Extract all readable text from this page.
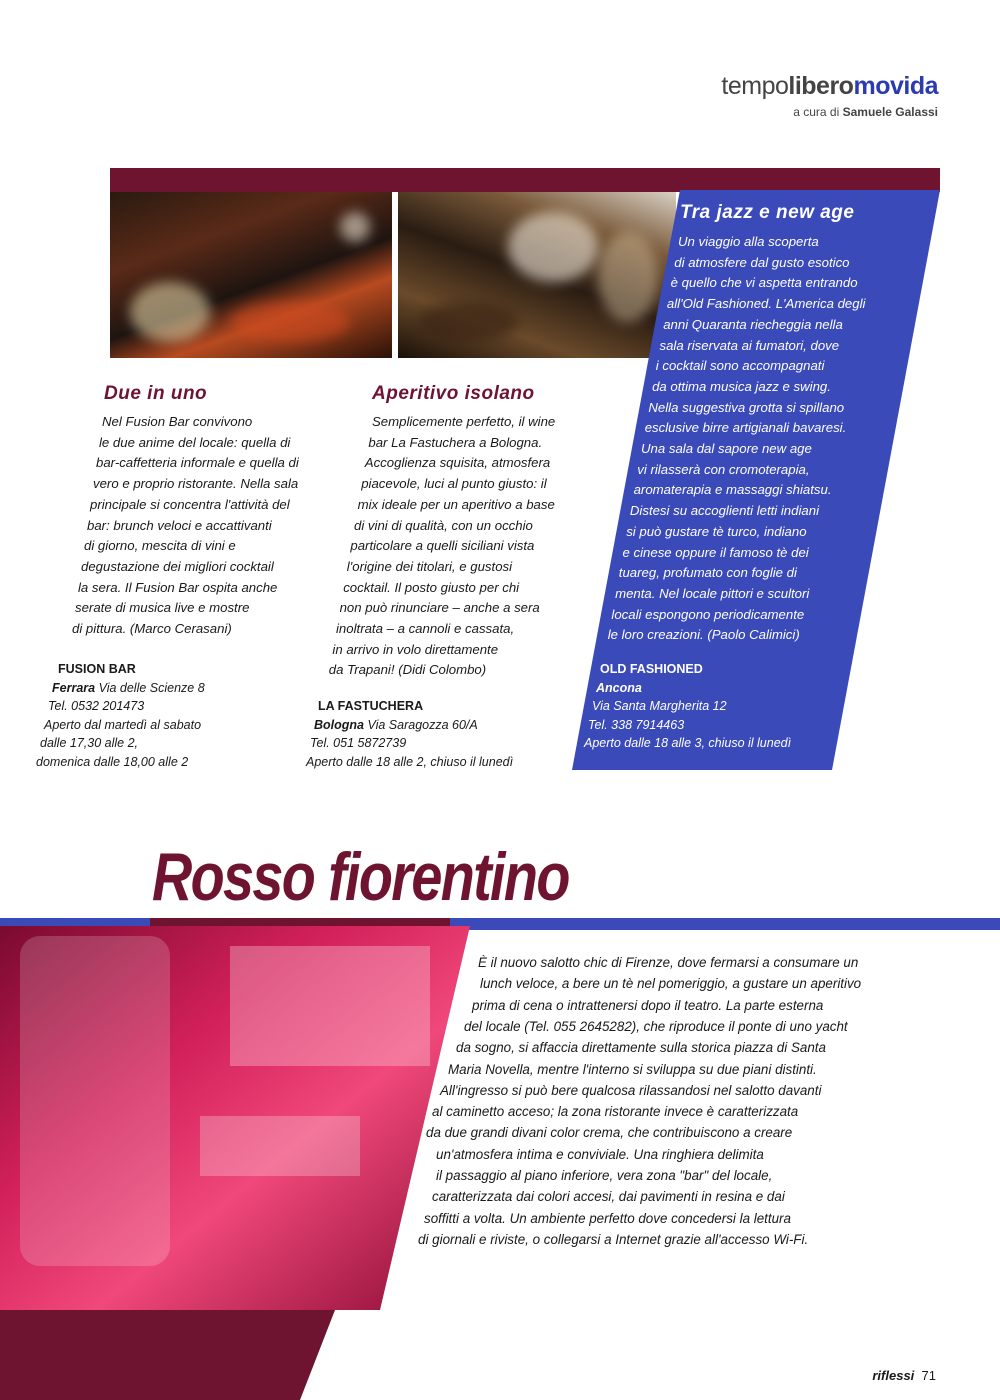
tempoliberomovida
a cura di Samuele Galassi
Tra jazz e new age
Un viaggio alla scoperta
di atmosfere dal gusto esotico
è quello che vi aspetta entrando
all'Old Fashioned. L'America degli
anni Quaranta riecheggia nella
sala riservata ai fumatori, dove
i cocktail sono accompagnati
da ottima musica jazz e swing.
Nella suggestiva grotta si spillano
esclusive birre artigianali bavaresi.
Una sala dal sapore new age
vi rilasserà con cromoterapia,
aromaterapia e massaggi shiatsu.
Distesi su accoglienti letti indiani
si può gustare tè turco, indiano
e cinese oppure il famoso tè dei
tuareg, profumato con foglie di
menta. Nel locale pittori e scultori
locali espongono periodicamente
le loro creazioni. (Paolo Calimici)
Due in uno
Nel Fusion Bar convivono
le due anime del locale: quella di
bar-caffetteria informale e quella di
vero e proprio ristorante. Nella sala
principale si concentra l'attività del
bar: brunch veloci e accattivanti
di giorno, mescita di vini e
degustazione dei migliori cocktail
la sera. Il Fusion Bar ospita anche
serate di musica live e mostre
di pittura. (Marco Cerasani)
Aperitivo isolano
Semplicemente perfetto, il wine
bar La Fastuchera a Bologna.
Accoglienza squisita, atmosfera
piacevole, luci al punto giusto: il
mix ideale per un aperitivo a base
di vini di qualità, con un occhio
particolare a quelli siciliani vista
l'origine dei titolari, e gustosi
cocktail. Il posto giusto per chi
non può rinunciare – anche a sera
inoltrata – a cannoli e cassata,
in arrivo in volo direttamente
da Trapani! (Didi Colombo)
FUSION BAR
Ferrara Via delle Scienze 8
Tel. 0532 201473
Aperto dal martedì al sabato
dalle 17,30 alle 2,
domenica dalle 18,00 alle 2
LA FASTUCHERA
Bologna Via Saragozza 60/A
Tel. 051 5872739
Aperto dalle 18 alle 2, chiuso il lunedì
OLD FASHIONED
Ancona
Via Santa Margherita 12
Tel. 338 7914463
Aperto dalle 18 alle 3, chiuso il lunedì
Rosso fiorentino
È il nuovo salotto chic di Firenze, dove fermarsi a consumare un
lunch veloce, a bere un tè nel pomeriggio, a gustare un aperitivo
prima di cena o intrattenersi dopo il teatro. La parte esterna
del locale (Tel. 055 2645282), che riproduce il ponte di uno yacht
da sogno, si affaccia direttamente sulla storica piazza di Santa
Maria Novella, mentre l'interno si sviluppa su due piani distinti.
All'ingresso si può bere qualcosa rilassandosi nel salotto davanti
al caminetto acceso; la zona ristorante invece è caratterizzata
da due grandi divani color crema, che contribuiscono a creare
un'atmosfera intima e conviviale. Una ringhiera delimita
il passaggio al piano inferiore, vera zona "bar" del locale,
caratterizzata dai colori accesi, dai pavimenti in resina e dai
soffitti a volta. Un ambiente perfetto dove concedersi la lettura
di giornali e riviste, o collegarsi a Internet grazie all'accesso Wi-Fi.
riflessi 71
